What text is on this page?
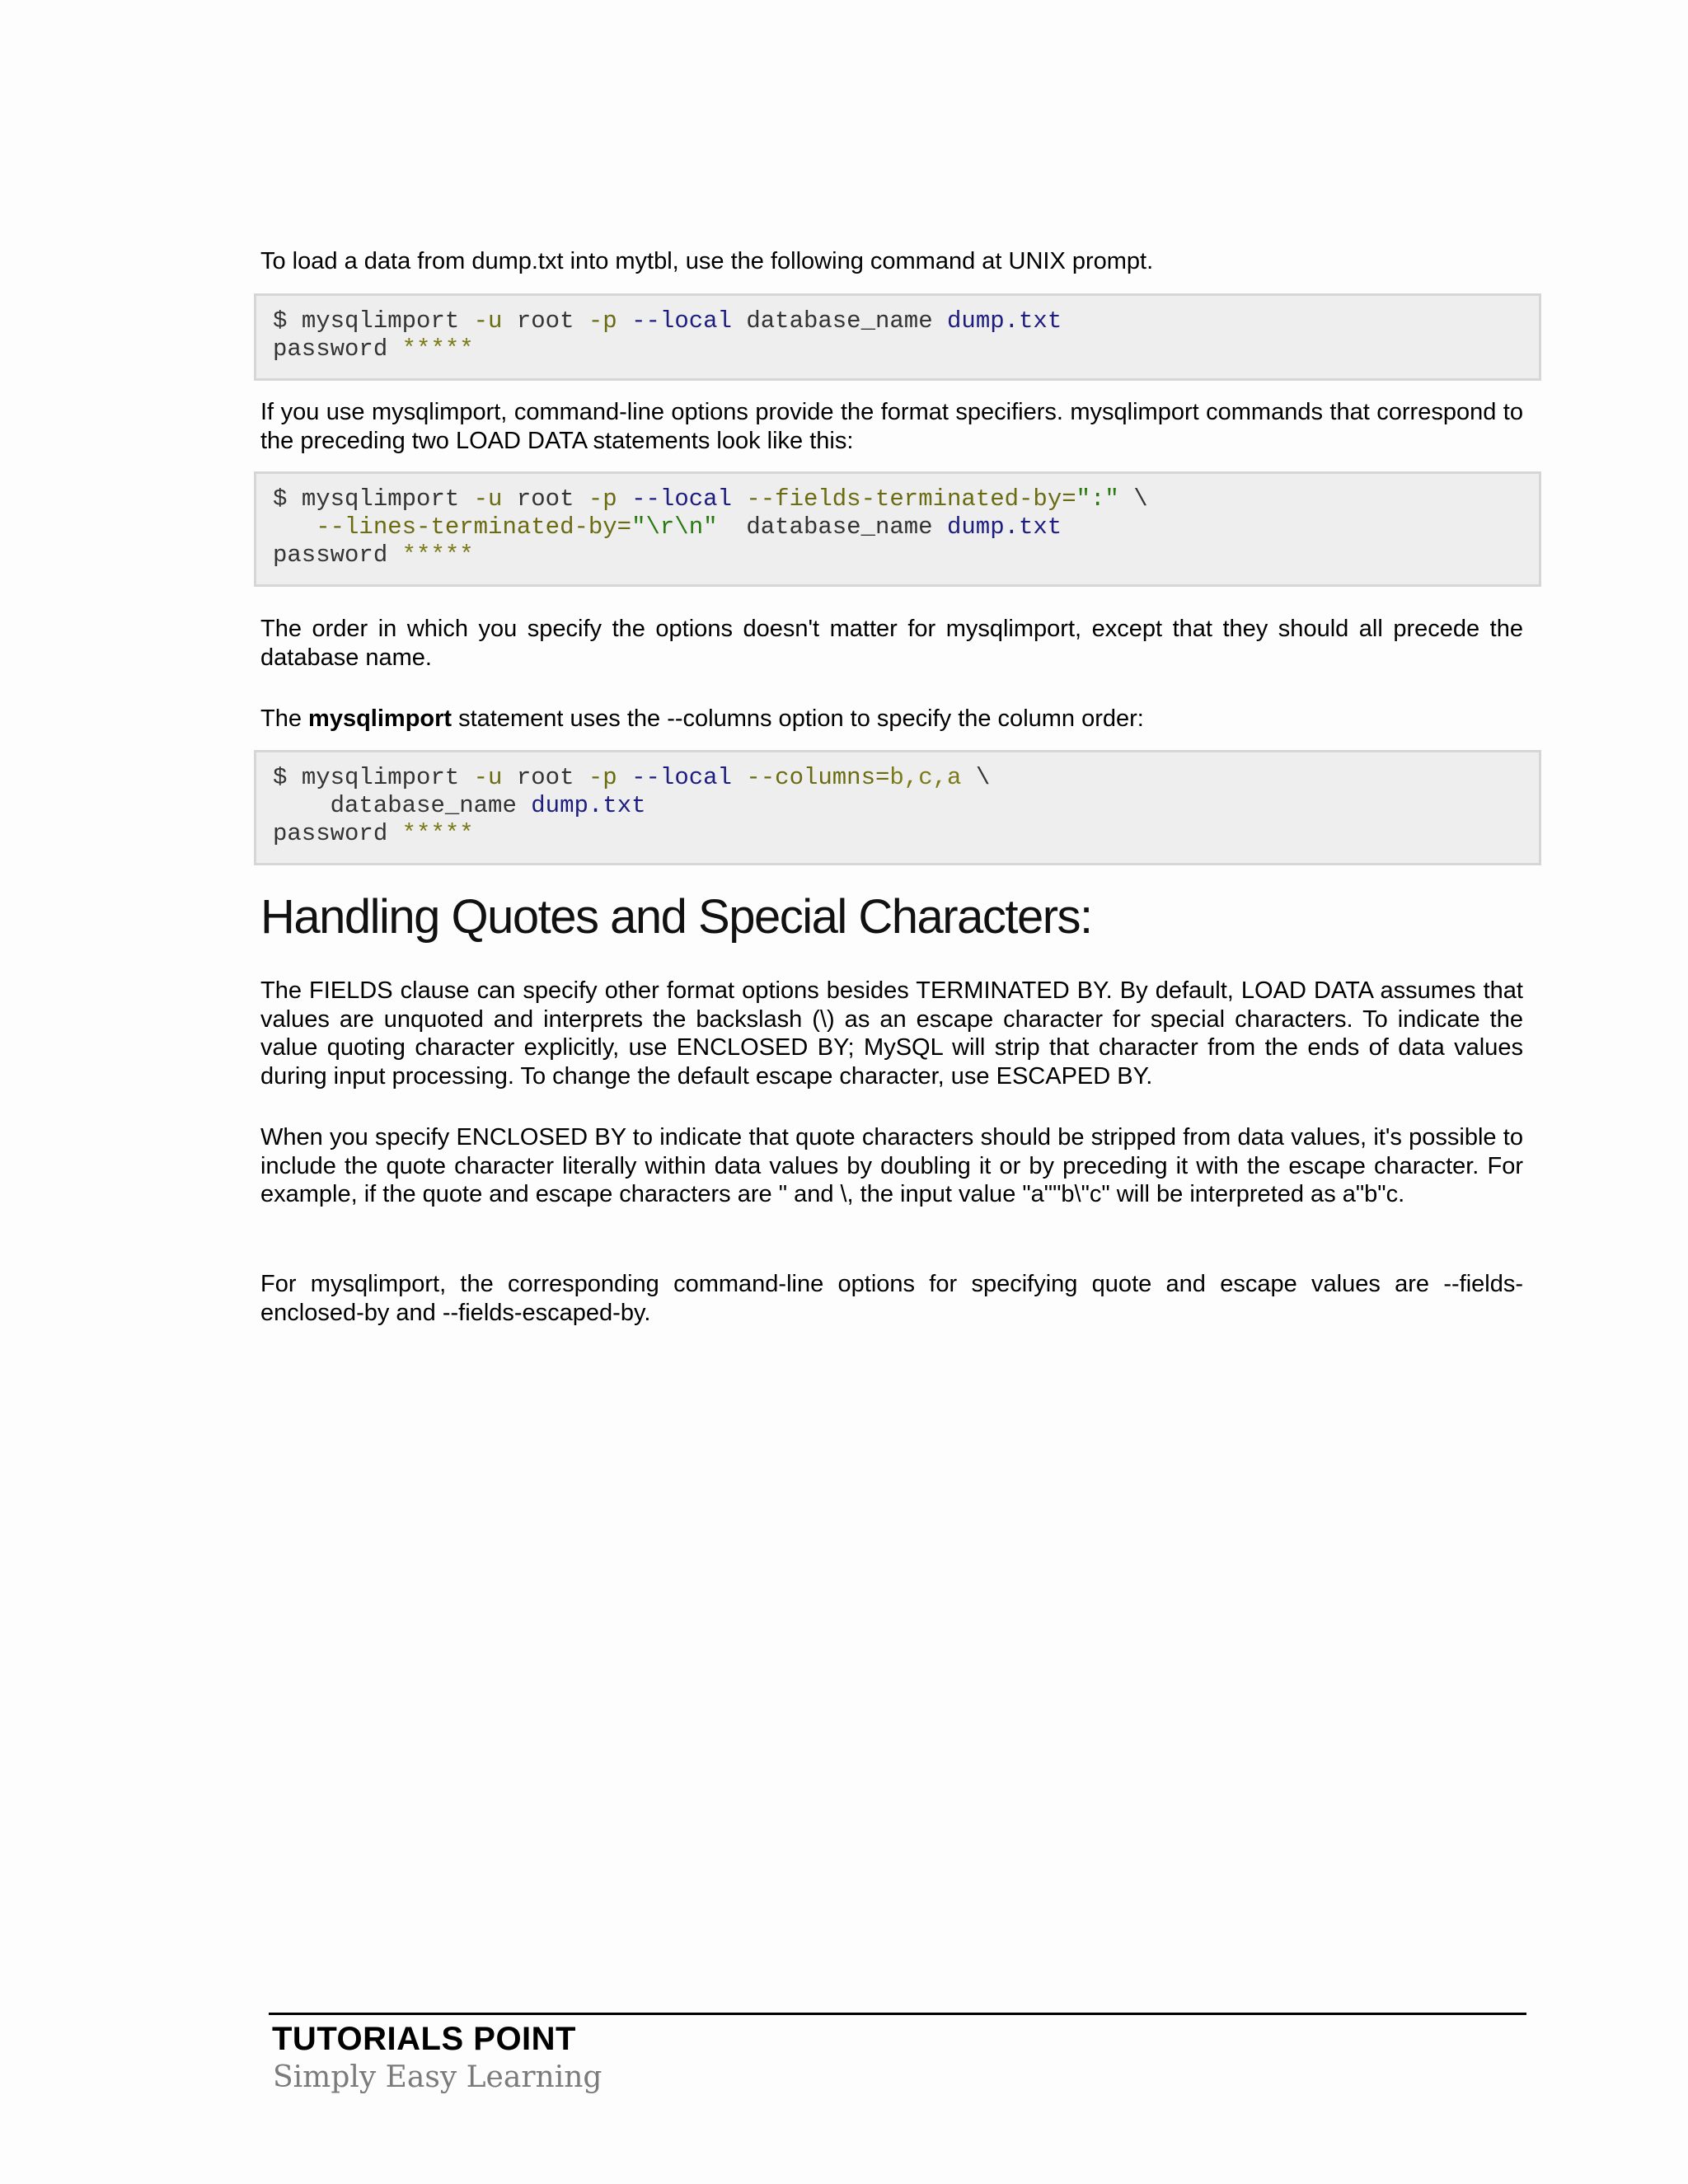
To load a data from dump.txt into mytbl, use the following command at UNIX prompt.

$ mysqlimport -u root -p --local database_name dump.txt
password *****

If you use mysqlimport, command-line options provide the format specifiers. mysqlimport commands that correspond to the preceding two LOAD DATA statements look like this:

$ mysqlimport -u root -p --local --fields-terminated-by=":" \
--lines-terminated-by="\r\n" database_name dump.txt
password *****

The order in which you specify the options doesn't matter for mysqlimport, except that they should all precede the database name.

The mysqlimport statement uses the --columns option to specify the column order:

$ mysqlimport -u root -p --local --columns=b,c,a \
database_name dump.txt
password *****
Handling Quotes and Special Characters:

The FIELDS clause can specify other format options besides TERMINATED BY. By default, LOAD DATA assumes that values are unquoted and interprets the backslash (\) as an escape character for special characters. To indicate the value quoting character explicitly, use ENCLOSED BY; MySQL will strip that character from the ends of data values during input processing. To change the default escape character, use ESCAPED BY.

When you specify ENCLOSED BY to indicate that quote characters should be stripped from data values, it's possible to include the quote character literally within data values by doubling it or by preceding it with the escape character. For example, if the quote and escape characters are " and \, the input value "a""b\"c" will be interpreted as a"b"c.

For mysqlimport, the corresponding command-line options for specifying quote and escape values are --fields-enclosed-by and --fields-escaped-by.

TUTORIALS POINT
Simply Easy Learning
